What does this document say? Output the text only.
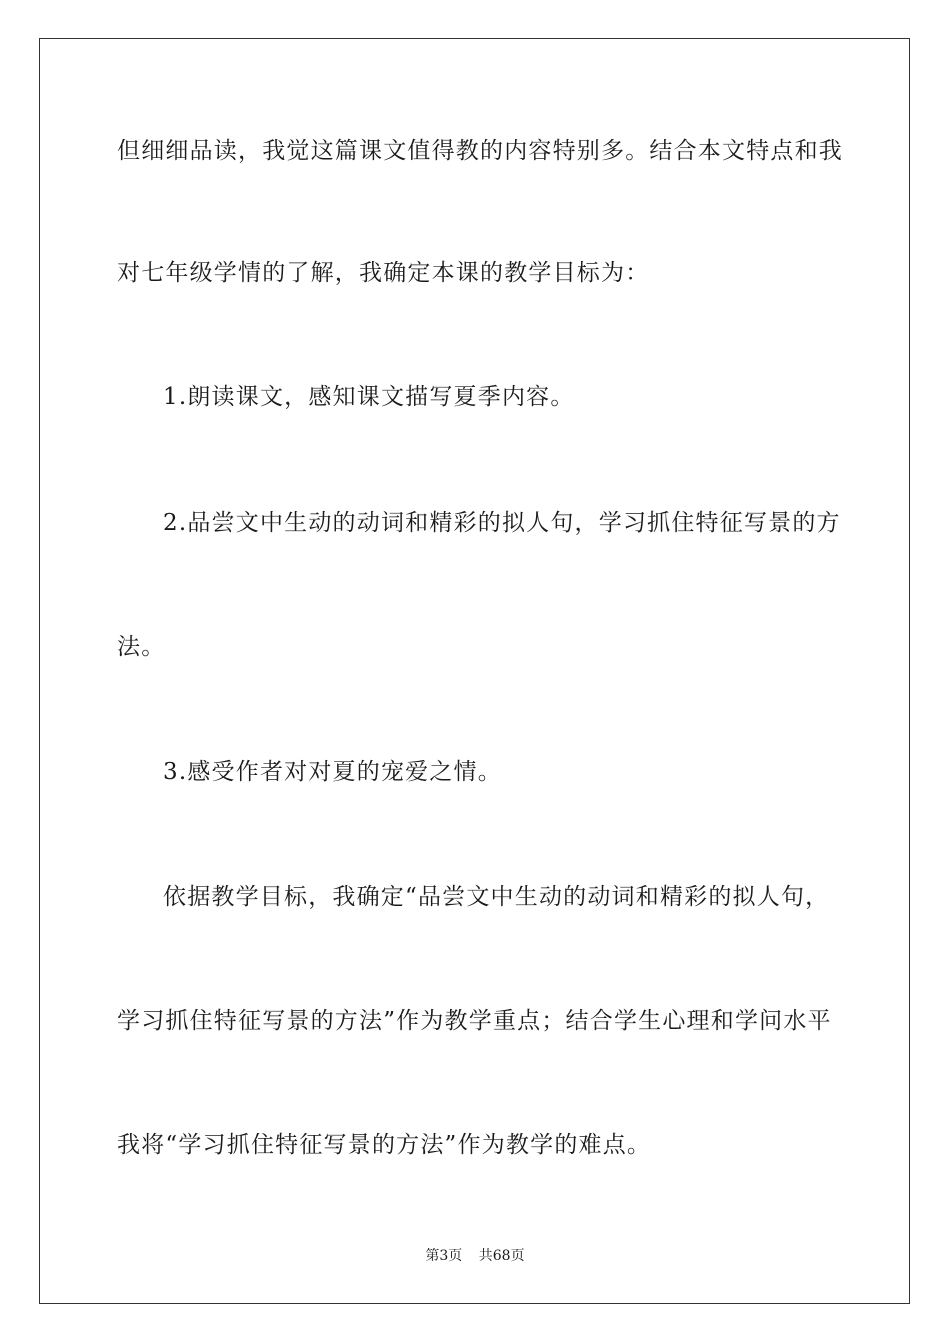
但细细品读，我觉这篇课文值得教的内容特别多。结合本文特点和我
对七年级学情的了解，我确定本课的教学目标为：
1.朗读课文，感知课文描写夏季内容。
2.品尝文中生动的动词和精彩的拟人句，学习抓住特征写景的方
法。
3.感受作者对对夏的宠爱之情。
依据教学目标，我确定“品尝文中生动的动词和精彩的拟人句，
学习抓住特征写景的方法”作为教学重点；结合学生心理和学问水平
我将“学习抓住特征写景的方法”作为教学的难点。
第3页 共68页
